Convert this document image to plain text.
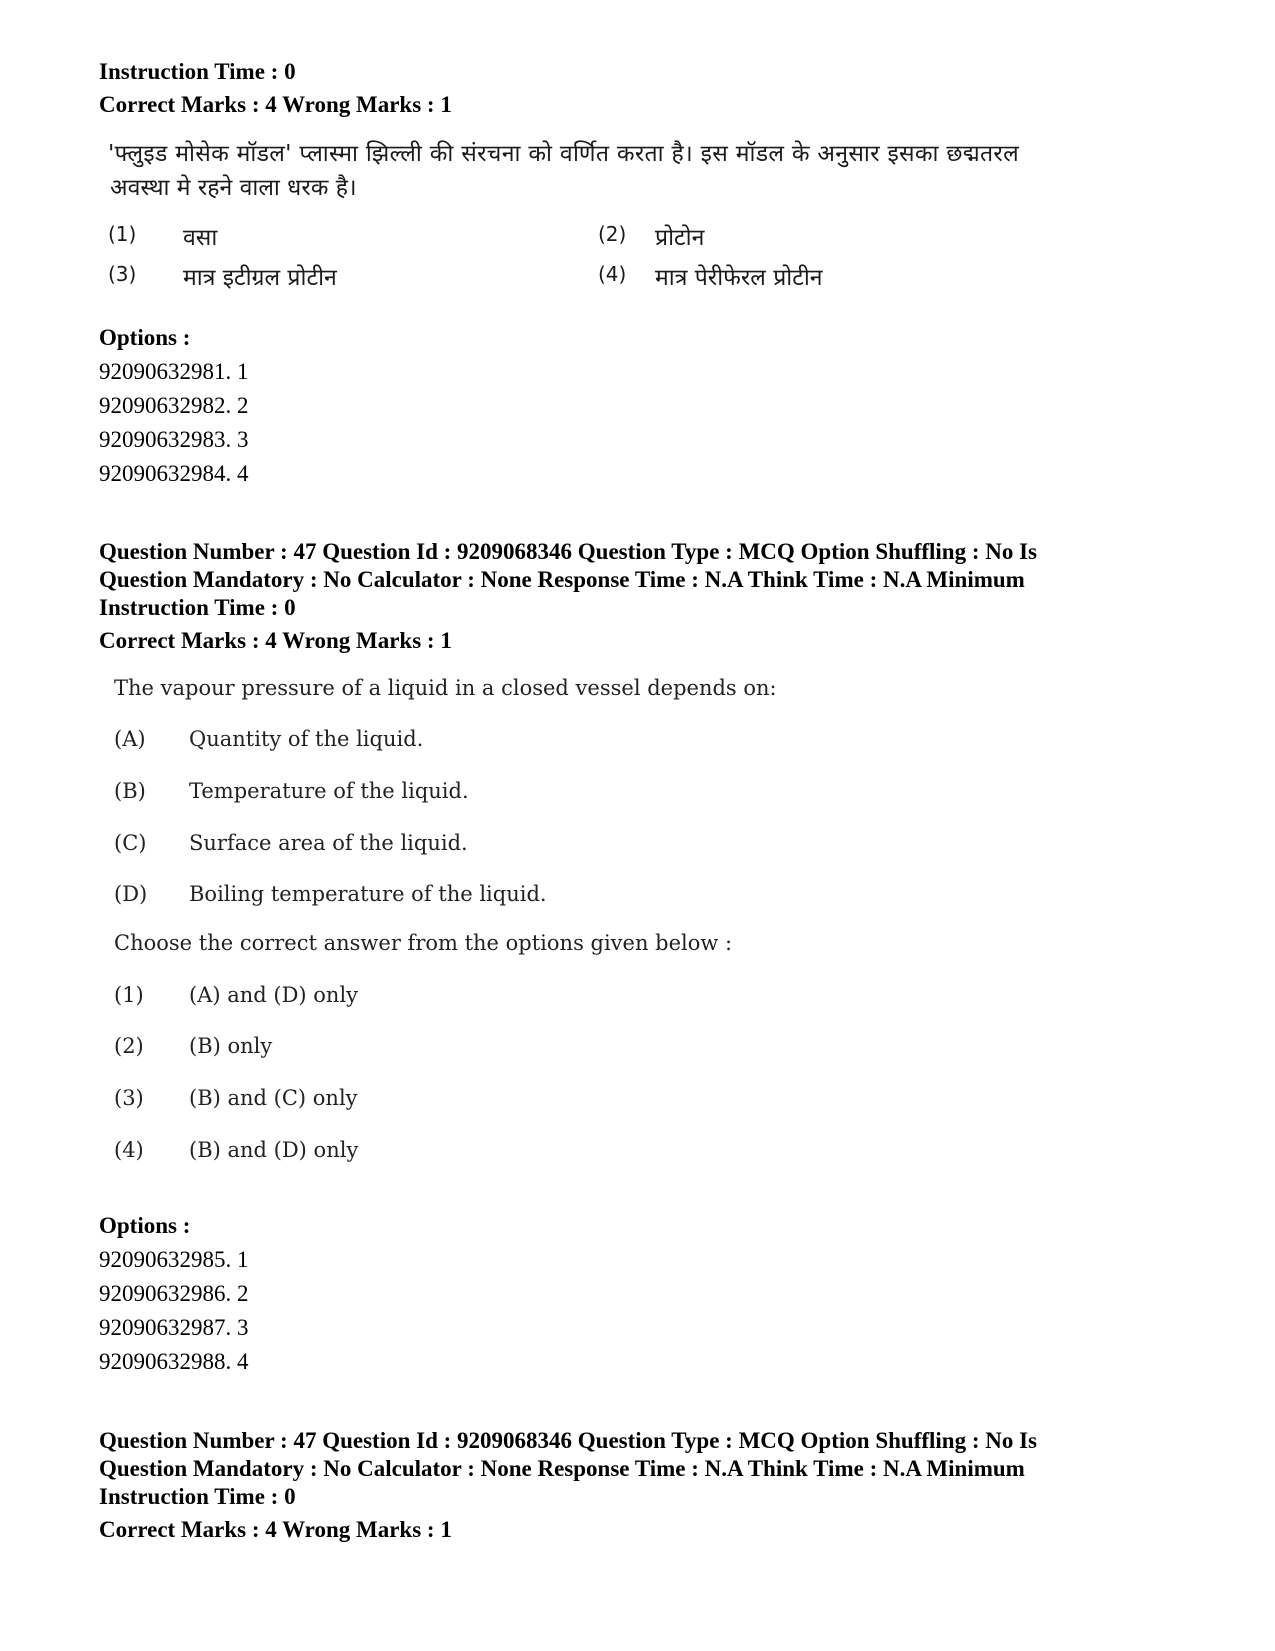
Instruction Time : 0
Correct Marks : 4 Wrong Marks : 1
'फ्लुइड मोसेक मॉडल' प्लास्मा झिल्ली की संरचना को वर्णित करता है। इस मॉडल के अनुसार इसका छद्मतरल
अवस्था मे रहने वाला धरक है।
(1) वसा	(2) प्रोटोन
(3) मात्र इटीग्रल प्रोटीन	(4) मात्र पेरीफेरल प्रोटीन
Options :
92090632981. 1
92090632982. 2
92090632983. 3
92090632984. 4
Question Number : 47 Question Id : 9209068346 Question Type : MCQ Option Shuffling : No Is
Question Mandatory : No Calculator : None Response Time : N.A Think Time : N.A Minimum
Instruction Time : 0
Correct Marks : 4 Wrong Marks : 1
The vapour pressure of a liquid in a closed vessel depends on:
(A) Quantity of the liquid.
(B) Temperature of the liquid.
(C) Surface area of the liquid.
(D) Boiling temperature of the liquid.
Choose the correct answer from the options given below :
(1) (A) and (D) only
(2) (B) only
(3) (B) and (C) only
(4) (B) and (D) only
Options :
92090632985. 1
92090632986. 2
92090632987. 3
92090632988. 4
Question Number : 47 Question Id : 9209068346 Question Type : MCQ Option Shuffling : No Is
Question Mandatory : No Calculator : None Response Time : N.A Think Time : N.A Minimum
Instruction Time : 0
Correct Marks : 4 Wrong Marks : 1
